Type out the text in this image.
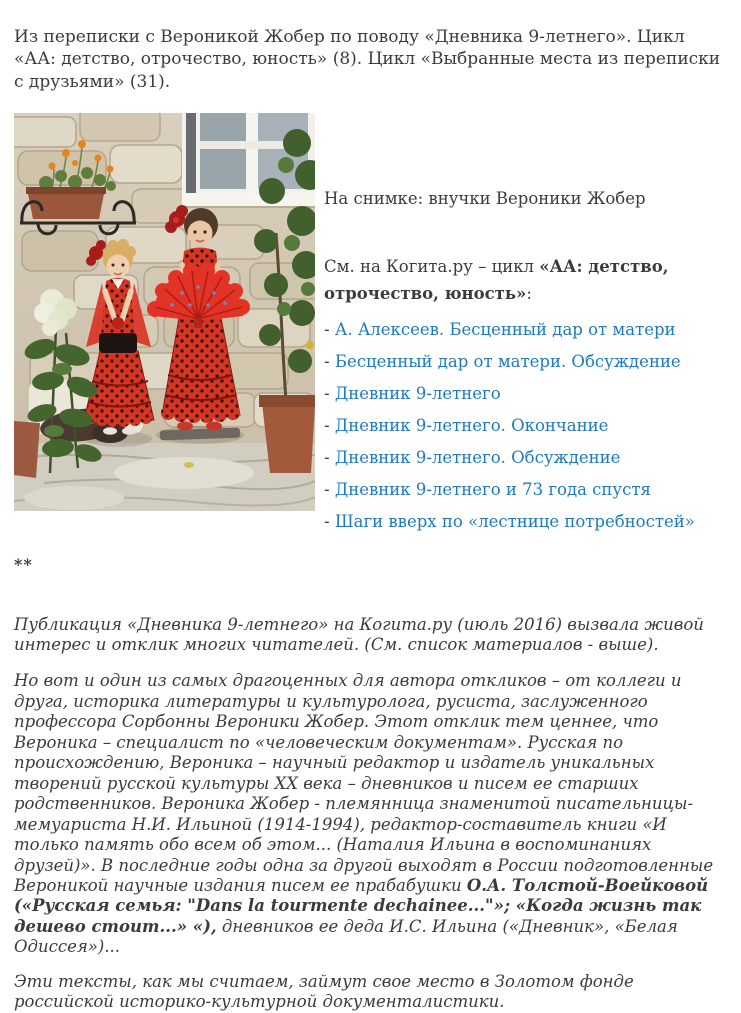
Из переписки с Вероникой Жобер по поводу «Дневника 9-летнего». Цикл «АА: детство, отрочество, юность» (8). Цикл «Выбранные места из переписки с друзьями» (31).

На снимке: внучки Вероники Жобер

См. на Когита.ру – цикл «АА: детство, отрочество, юность»:

- А. Алексеев. Бесценный дар от матери
- Бесценный дар от матери. Обсуждение
- Дневник 9-летнего
- Дневник 9-летнего. Окончание
- Дневник 9-летнего. Обсуждение
- Дневник 9-летнего и 73 года спустя
- Шаги вверх по «лестнице потребностей»

**

Публикация «Дневника 9-летнего» на Когита.ру (июль 2016) вызвала живой интерес и отклик многих читателей. (См. список материалов - выше).

Но вот и один из самых драгоценных для автора откликов – от коллеги и друга, историка литературы и культуролога, русиста, заслуженного профессора Сорбонны Вероники Жобер. Этот отклик тем ценнее, что Вероника – специалист по «человеческим документам». Русская по происхождению, Вероника – научный редактор и издатель уникальных творений русской культуры XX века – дневников и писем ее старших родственников. Вероника Жобер - племянница знаменитой писательницы-мемуариста Н.И. Ильиной (1914-1994), редактор-составитель книги «И только память обо всем об этом... (Наталия Ильина в воспоминаниях друзей)». В последние годы одна за другой выходят в России подготовленные Вероникой научные издания писем ее прабабушки О.А. Толстой-Воейковой («Русская семья: "Dans la tourmente dechainee..."»; «Когда жизнь так дешево стоит...» «), дневников ее деда И.С. Ильина («Дневник», «Белая Одиссея»)...

Эти тексты, как мы считаем, займут свое место в Золотом фонде российской историко-культурной документалистики.
